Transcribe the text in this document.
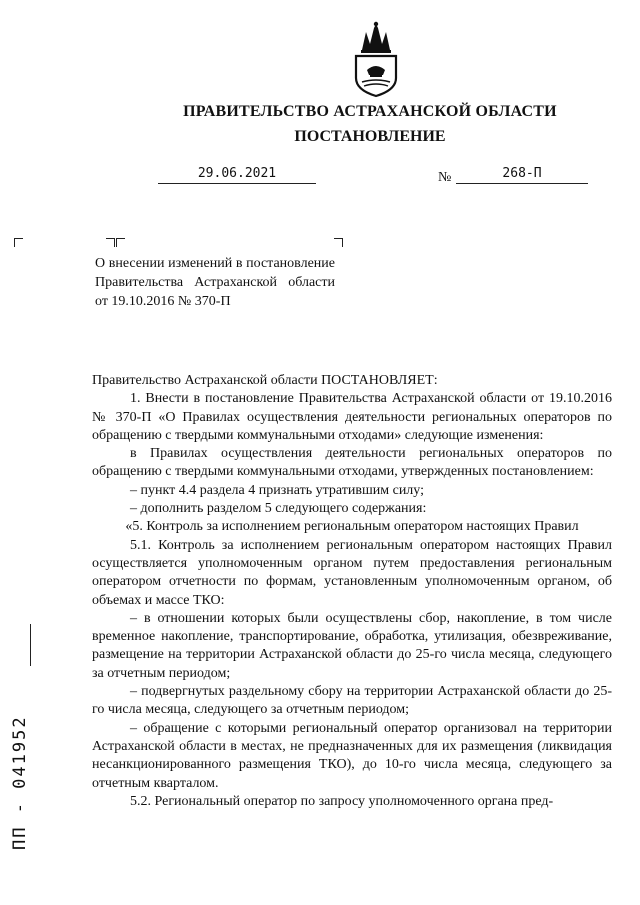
ПРАВИТЕЛЬСТВО АСТРАХАНСКОЙ ОБЛАСТИ
ПОСТАНОВЛЕНИЕ
29.06.2021	№	268-П
О внесении изменений в постановление Правительства Астраханской области от 19.10.2016 № 370-П

Правительство Астраханской области ПОСТАНОВЛЯЕТ:

1. Внести в постановление Правительства Астраханской области от 19.10.2016 № 370-П «О Правилах осуществления деятельности региональных операторов по обращению с твердыми коммунальными отходами» следующие изменения:

в Правилах осуществления деятельности региональных операторов по обращению с твердыми коммунальными отходами, утвержденных постановлением:

– пункт 4.4 раздела 4 признать утратившим силу;

– дополнить разделом 5 следующего содержания:

«5. Контроль за исполнением региональным оператором настоящих Правил

5.1. Контроль за исполнением региональным оператором настоящих Правил осуществляется уполномоченным органом путем предоставления региональным оператором отчетности по формам, установленным уполномоченным органом, об объемах и массе ТКО:

– в отношении которых были осуществлены сбор, накопление, в том числе временное накопление, транспортирование, обработка, утилизация, обезвреживание, размещение на территории Астраханской области до 25-го числа месяца, следующего за отчетным периодом;

– подвергнутых раздельному сбору на территории Астраханской области до 25-го числа месяца, следующего за отчетным периодом;

– обращение с которыми региональный оператор организовал на территории Астраханской области в местах, не предназначенных для их размещения (ликвидация несанкционированного размещения ТКО), до 10-го числа месяца, следующего за отчетным кварталом.

5.2. Региональный оператор по запросу уполномоченного органа пред-

ПП - 041952
